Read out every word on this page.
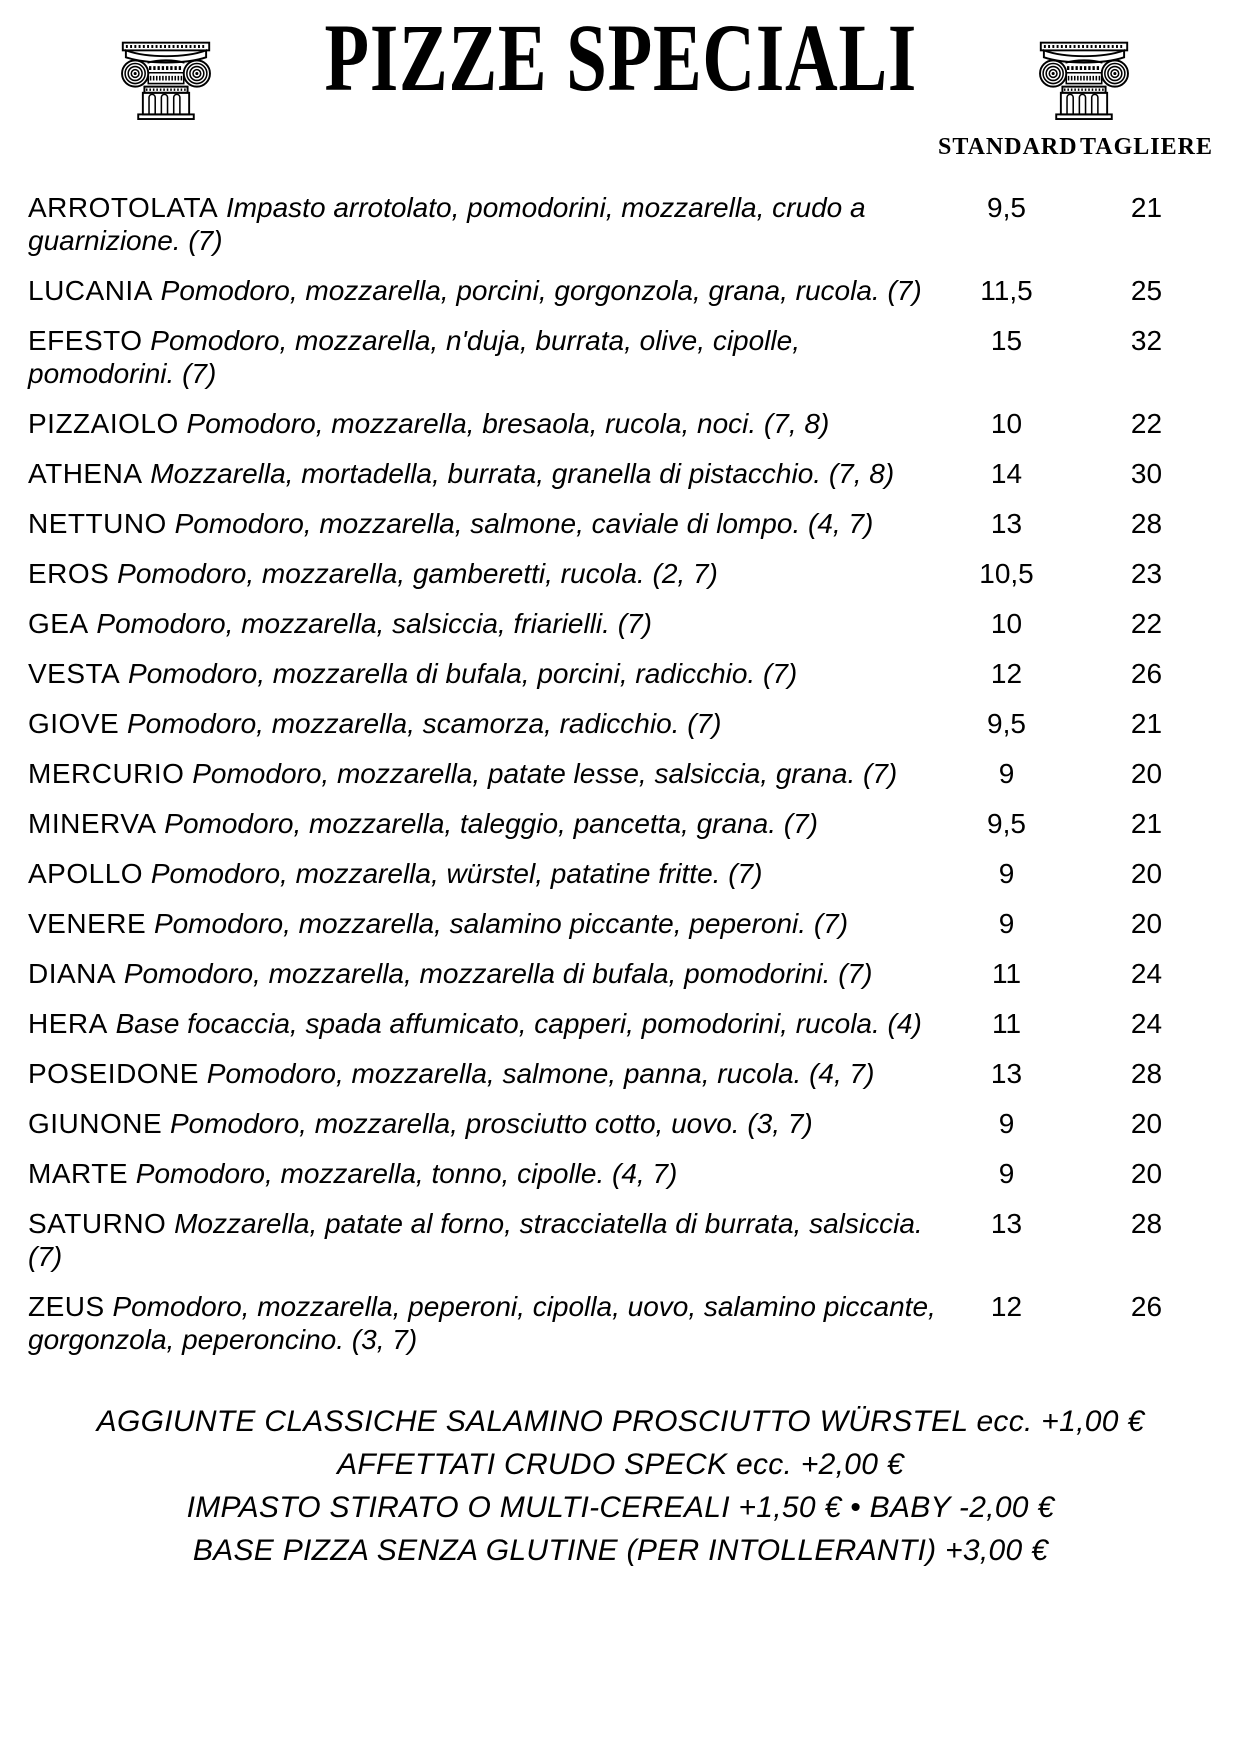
PIZZE SPECIALI
STANDARD TAGLIERE
ARROTOLATA Impasto arrotolato, pomodorini, mozzarella, crudo a guarnizione. (7)
9,5	21
LUCANIA Pomodoro, mozzarella, porcini, gorgonzola, grana, rucola. (7)	11,5	25
EFESTO Pomodoro, mozzarella, n'duja, burrata, olive, cipolle, pomodorini. (7)
15	32
PIZZAIOLO Pomodoro, mozzarella, bresaola, rucola, noci. (7, 8)	10	22
ATHENA Mozzarella, mortadella, burrata, granella di pistacchio. (7, 8)	14	30
NETTUNO Pomodoro, mozzarella, salmone, caviale di lompo. (4, 7)	13	28
EROS Pomodoro, mozzarella, gamberetti, rucola. (2, 7)	10,5	23
GEA Pomodoro, mozzarella, salsiccia, friarielli. (7)	10	22
VESTA Pomodoro, mozzarella di bufala, porcini, radicchio. (7)	12	26
GIOVE Pomodoro, mozzarella, scamorza, radicchio. (7)	9,5	21
MERCURIO Pomodoro, mozzarella, patate lesse, salsiccia, grana. (7)	9	20
MINERVA Pomodoro, mozzarella, taleggio, pancetta, grana. (7)	9,5	21
APOLLO Pomodoro, mozzarella, würstel, patatine fritte. (7)	9	20
VENERE Pomodoro, mozzarella, salamino piccante, peperoni. (7)	9	20
DIANA Pomodoro, mozzarella, mozzarella di bufala, pomodorini. (7)	11	24
HERA Base focaccia, spada affumicato, capperi, pomodorini, rucola. (4)	11	24
POSEIDONE Pomodoro, mozzarella, salmone, panna, rucola. (4, 7)	13	28
GIUNONE Pomodoro, mozzarella, prosciutto cotto, uovo. (3, 7)	9	20
MARTE Pomodoro, mozzarella, tonno, cipolle. (4, 7)	9	20
SATURNO Mozzarella, patate al forno, stracciatella di burrata, salsiccia. (7)
13	28
ZEUS Pomodoro, mozzarella, peperoni, cipolla, uovo, salamino piccante, gorgonzola, peperoncino. (3, 7)
12	26
AGGIUNTE CLASSICHE SALAMINO PROSCIUTTO WÜRSTEL ecc. +1,00 €
AFFETTATI CRUDO SPECK ecc. +2,00 €
IMPASTO STIRATO O MULTI-CEREALI +1,50 € • BABY -2,00 €
BASE PIZZA SENZA GLUTINE (PER INTOLLERANTI) +3,00 €
